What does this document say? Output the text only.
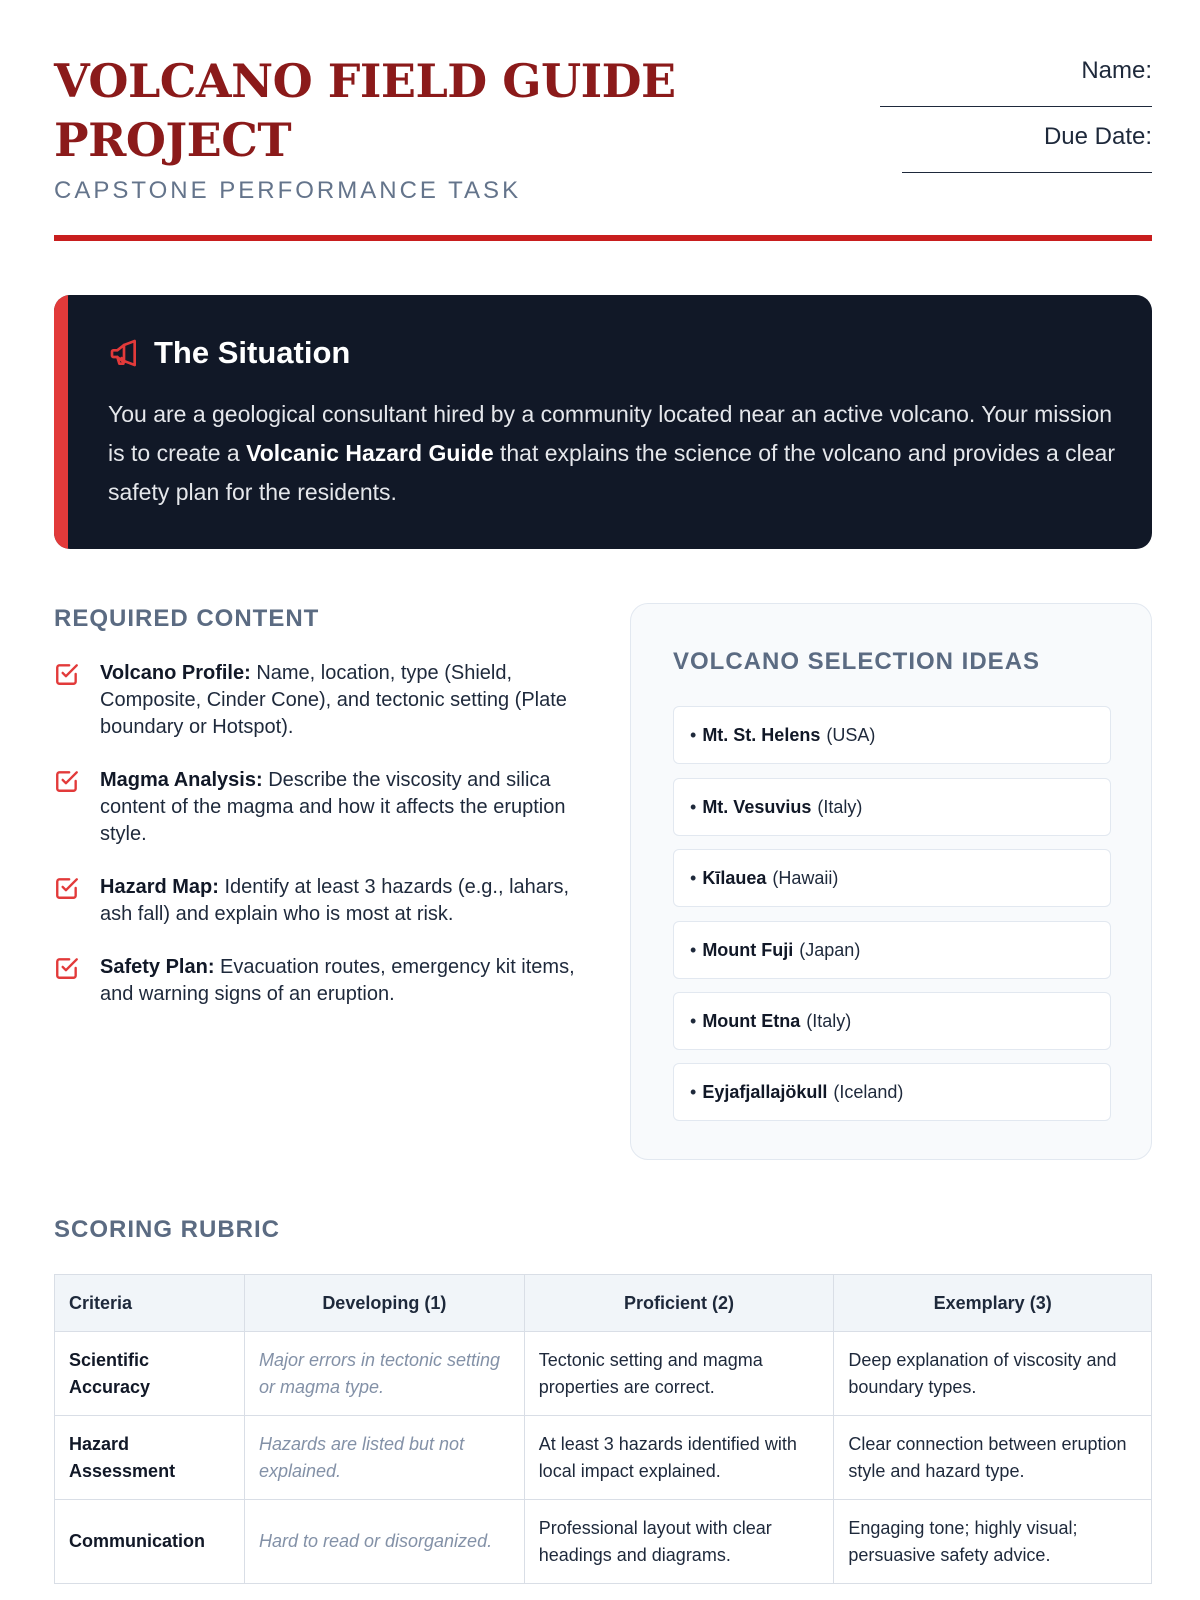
VOLCANO FIELD GUIDE PROJECT
CAPSTONE PERFORMANCE TASK
Name:
Due Date:
The Situation

You are a geological consultant hired by a community located near an active volcano. Your mission is to create a Volcanic Hazard Guide that explains the science of the volcano and provides a clear safety plan for the residents.

REQUIRED CONTENT
Volcano Profile: Name, location, type (Shield, Composite, Cinder Cone), and tectonic setting (Plate boundary or Hotspot).
Magma Analysis: Describe the viscosity and silica content of the magma and how it affects the eruption style.
Hazard Map: Identify at least 3 hazards (e.g., lahars, ash fall) and explain who is most at risk.
Safety Plan: Evacuation routes, emergency kit items, and warning signs of an eruption.
VOLCANO SELECTION IDEAS
• Mt. St. Helens (USA)
• Mt. Vesuvius (Italy)
• Kīlauea (Hawaii)
• Mount Fuji (Japan)
• Mount Etna (Italy)
• Eyjafjallajökull (Iceland)
SCORING RUBRIC
Criteria	Developing (1)	Proficient (2)	Exemplary (3)
Scientific Accuracy	Major errors in tectonic setting or magma type.	Tectonic setting and magma properties are correct.	Deep explanation of viscosity and boundary types.
Hazard Assessment	Hazards are listed but not explained.	At least 3 hazards identified with local impact explained.	Clear connection between eruption style and hazard type.
Communication	Hard to read or disorganized.	Professional layout with clear headings and diagrams.	Engaging tone; highly visual; persuasive safety advice.
